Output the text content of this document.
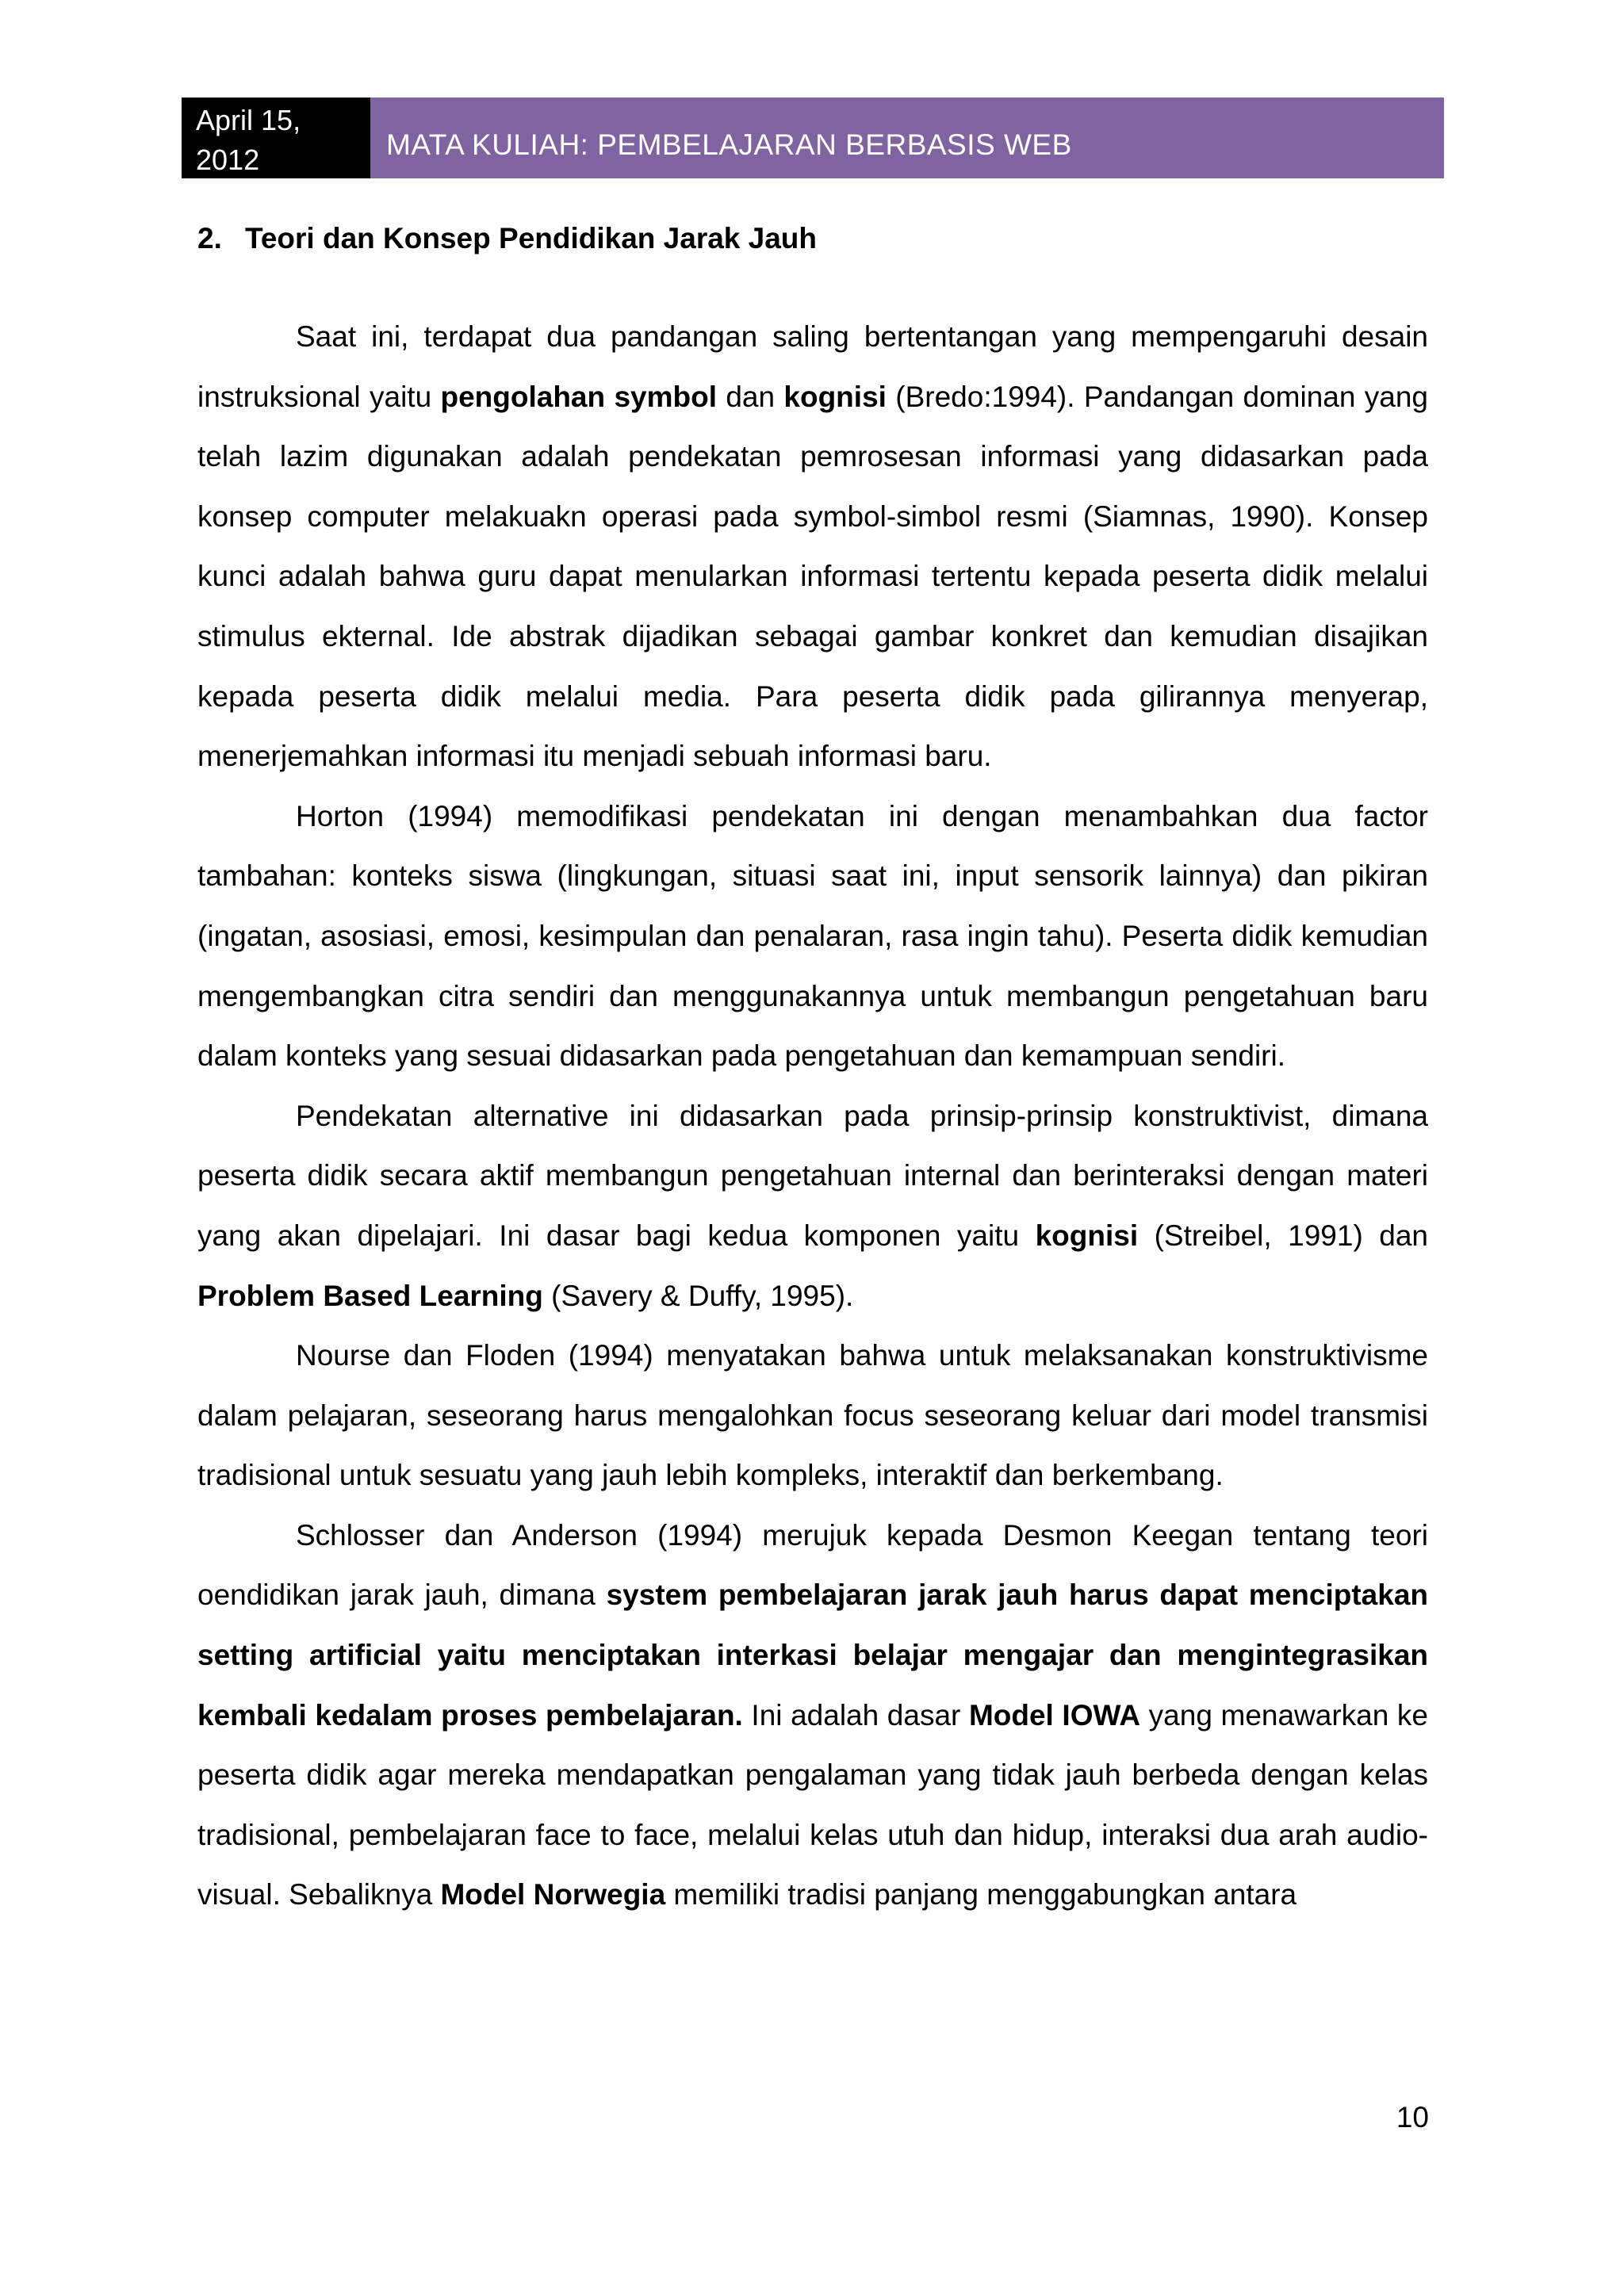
April 15, 2012	MATA KULIAH: PEMBELAJARAN BERBASIS WEB
2. Teori dan Konsep Pendidikan Jarak Jauh

Saat ini, terdapat dua pandangan saling bertentangan yang mempengaruhi desain instruksional yaitu pengolahan symbol dan kognisi (Bredo:1994). Pandangan dominan yang telah lazim digunakan adalah pendekatan pemrosesan informasi yang didasarkan pada konsep computer melakuakn operasi pada symbol-simbol resmi (Siamnas, 1990). Konsep kunci adalah bahwa guru dapat menularkan informasi tertentu kepada peserta didik melalui stimulus ekternal. Ide abstrak dijadikan sebagai gambar konkret dan kemudian disajikan kepada peserta didik melalui media. Para peserta didik pada gilirannya menyerap, menerjemahkan informasi itu menjadi sebuah informasi baru.

Horton (1994) memodifikasi pendekatan ini dengan menambahkan dua factor tambahan: konteks siswa (lingkungan, situasi saat ini, input sensorik lainnya) dan pikiran (ingatan, asosiasi, emosi, kesimpulan dan penalaran, rasa ingin tahu). Peserta didik kemudian mengembangkan citra sendiri dan menggunakannya untuk membangun pengetahuan baru dalam konteks yang sesuai didasarkan pada pengetahuan dan kemampuan sendiri.

Pendekatan alternative ini didasarkan pada prinsip-prinsip konstruktivist, dimana peserta didik secara aktif membangun pengetahuan internal dan berinteraksi dengan materi yang akan dipelajari. Ini dasar bagi kedua komponen yaitu kognisi (Streibel, 1991) dan Problem Based Learning (Savery & Duffy, 1995).

Nourse dan Floden (1994) menyatakan bahwa untuk melaksanakan konstruktivisme dalam pelajaran, seseorang harus mengalohkan focus seseorang keluar dari model transmisi tradisional untuk sesuatu yang jauh lebih kompleks, interaktif dan berkembang.

Schlosser dan Anderson (1994) merujuk kepada Desmon Keegan tentang teori oendidikan jarak jauh, dimana system pembelajaran jarak jauh harus dapat menciptakan setting artificial yaitu menciptakan interkasi belajar mengajar dan mengintegrasikan kembali kedalam proses pembelajaran. Ini adalah dasar Model IOWA yang menawarkan ke peserta didik agar mereka mendapatkan pengalaman yang tidak jauh berbeda dengan kelas tradisional, pembelajaran face to face, melalui kelas utuh dan hidup, interaksi dua arah audio-visual. Sebaliknya Model Norwegia memiliki tradisi panjang menggabungkan antara

10
